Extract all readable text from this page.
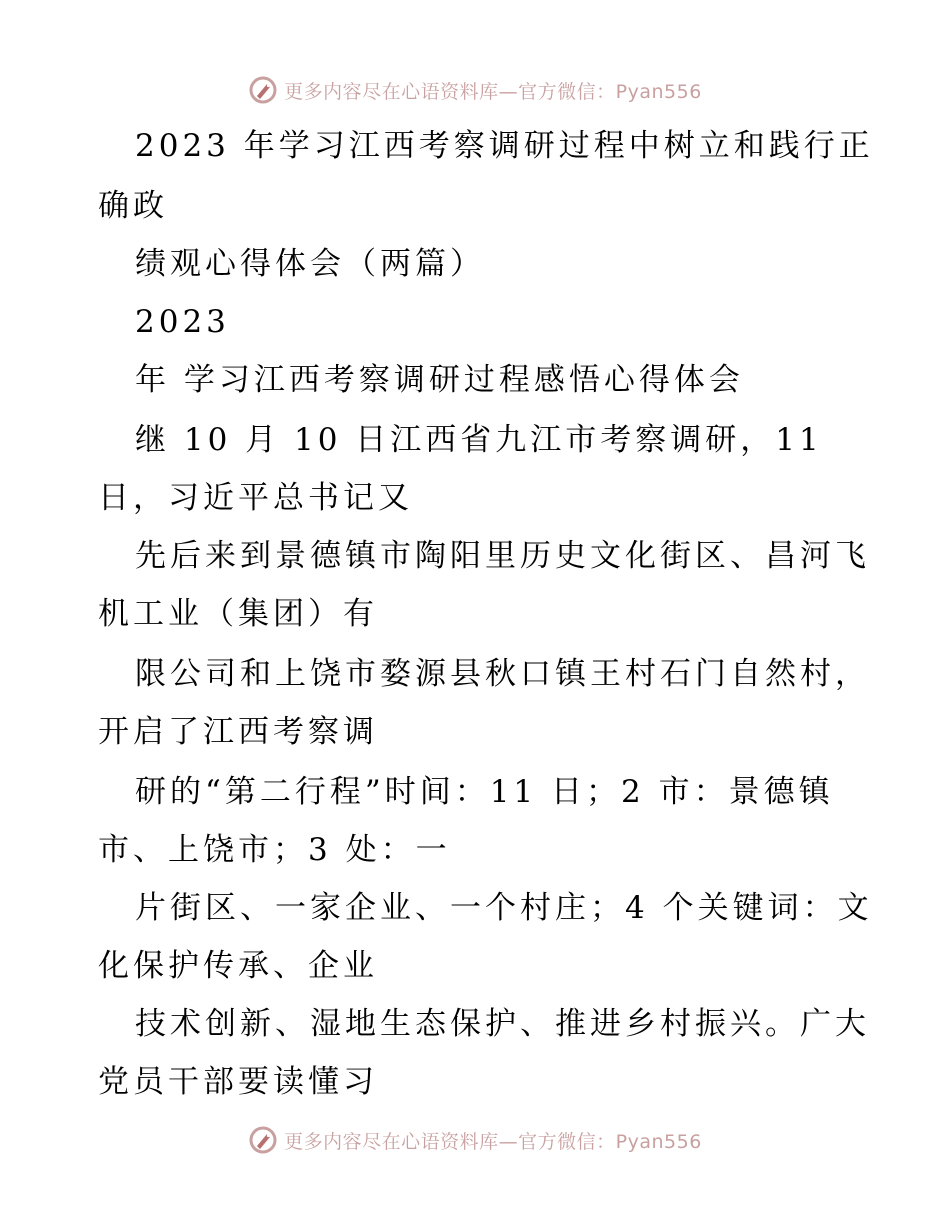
更多内容尽在心语资料库—官方微信：Pyan556
2023 年学习江西考察调研过程中树立和践行正
确政
绩观心得体会（两篇）
2023
年 学习江西考察调研过程感悟心得体会
继 10 月 10 日江西省九江市考察调研，11
日，习近平总书记又
先后来到景德镇市陶阳里历史文化街区、昌河飞
机工业（集团）有
限公司和上饶市婺源县秋口镇王村石门自然村，
开启了江西考察调
研的“第二行程”时间：11 日；2 市：景德镇
市、上饶市；3 处：一
片街区、一家企业、一个村庄；4 个关键词：文
化保护传承、企业
技术创新、湿地生态保护、推进乡村振兴。广大
党员干部要读懂习
更多内容尽在心语资料库—官方微信：Pyan556
